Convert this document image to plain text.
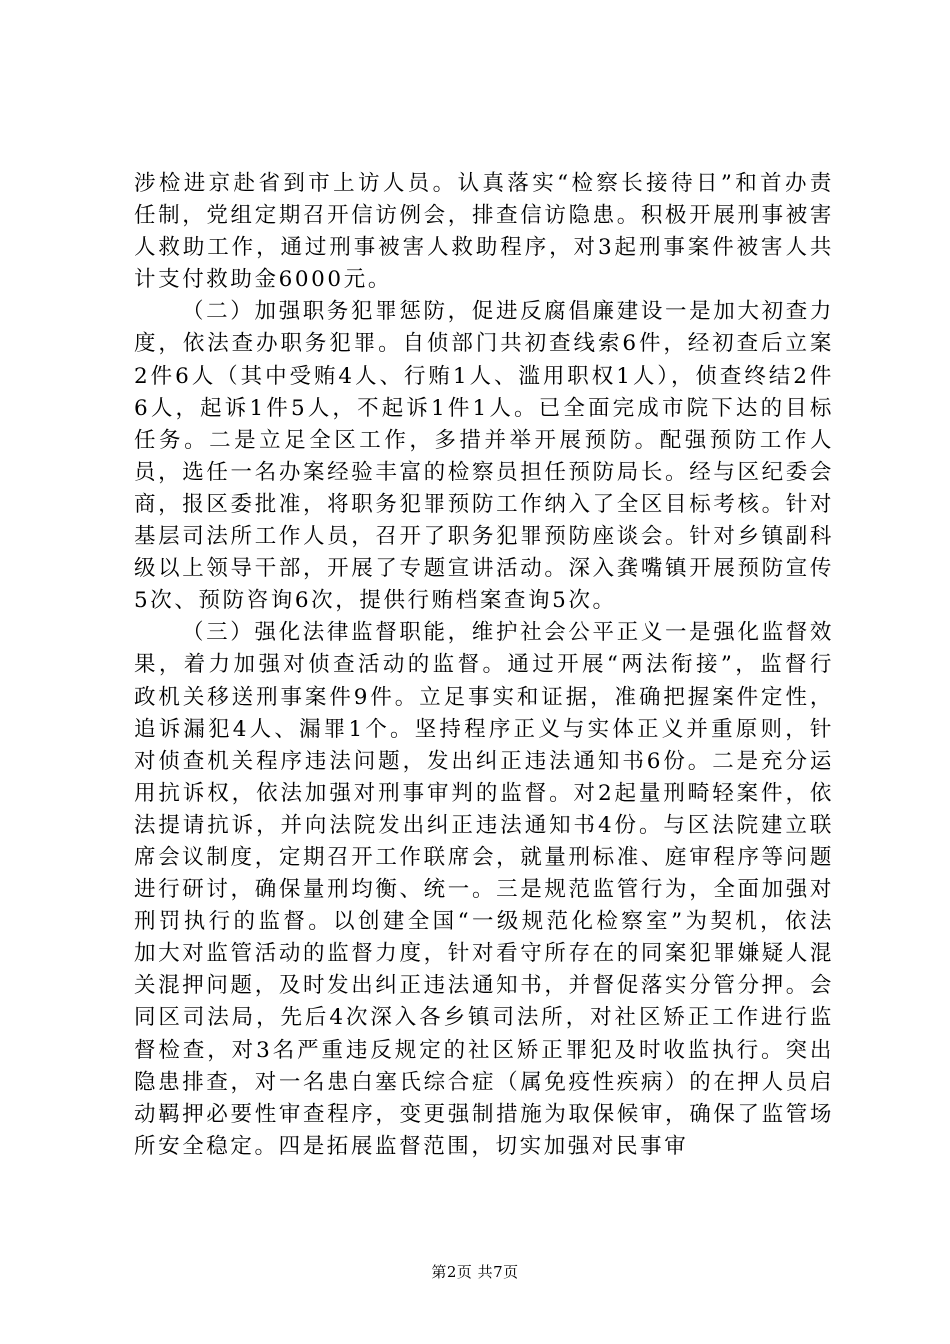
涉检进京赴省到市上访人员。认真落实“检察长接待日”和首办责任制，党组定期召开信访例会，排查信访隐患。积极开展刑事被害人救助工作，通过刑事被害人救助程序，对3起刑事案件被害人共计支付救助金6000元。

（二）加强职务犯罪惩防，促进反腐倡廉建设一是加大初查力度，依法查办职务犯罪。自侦部门共初查线索6件，经初查后立案2件6人（其中受贿4人、行贿1人、滥用职权1人），侦查终结2件6人，起诉1件5人，不起诉1件1人。已全面完成市院下达的目标任务。二是立足全区工作，多措并举开展预防。配强预防工作人员，选任一名办案经验丰富的检察员担任预防局长。经与区纪委会商，报区委批准，将职务犯罪预防工作纳入了全区目标考核。针对基层司法所工作人员，召开了职务犯罪预防座谈会。针对乡镇副科级以上领导干部，开展了专题宣讲活动。深入龚嘴镇开展预防宣传5次、预防咨询6次，提供行贿档案查询5次。

（三）强化法律监督职能，维护社会公平正义一是强化监督效果，着力加强对侦查活动的监督。通过开展“两法衔接”，监督行政机关移送刑事案件9件。立足事实和证据，准确把握案件定性，追诉漏犯4人、漏罪1个。坚持程序正义与实体正义并重原则，针对侦查机关程序违法问题，发出纠正违法通知书6份。二是充分运用抗诉权，依法加强对刑事审判的监督。对2起量刑畸轻案件，依法提请抗诉，并向法院发出纠正违法通知书4份。与区法院建立联席会议制度，定期召开工作联席会，就量刑标准、庭审程序等问题进行研讨，确保量刑均衡、统一。三是规范监管行为，全面加强对刑罚执行的监督。以创建全国“一级规范化检察室”为契机，依法加大对监管活动的监督力度，针对看守所存在的同案犯罪嫌疑人混关混押问题，及时发出纠正违法通知书，并督促落实分管分押。会同区司法局，先后4次深入各乡镇司法所，对社区矫正工作进行监督检查，对3名严重违反规定的社区矫正罪犯及时收监执行。突出隐患排查，对一名患白塞氏综合症（属免疫性疾病）的在押人员启动羁押必要性审查程序，变更强制措施为取保候审，确保了监管场所安全稳定。四是拓展监督范围，切实加强对民事审

第2页 共7页
